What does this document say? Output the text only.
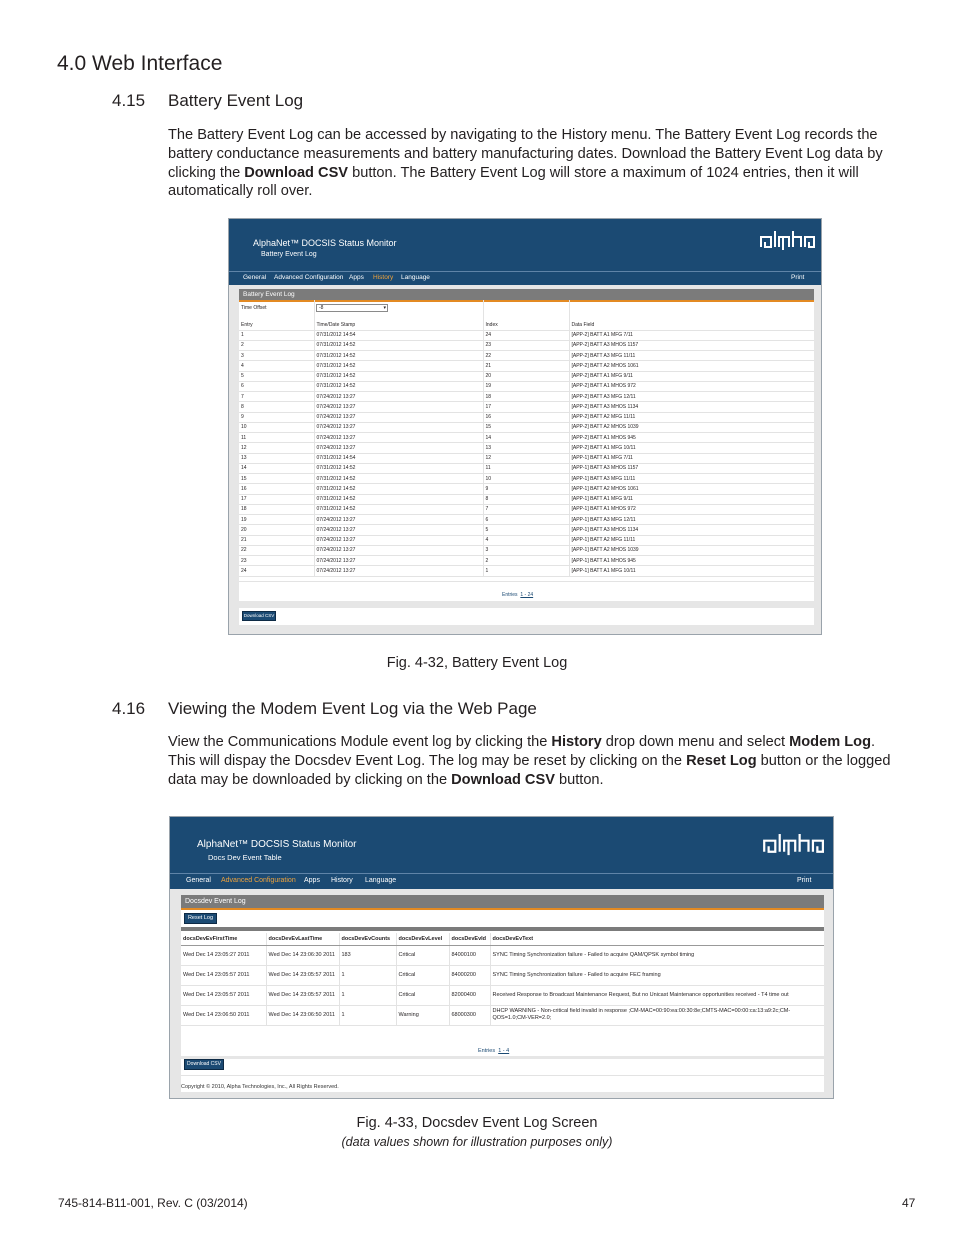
4.0 Web Interface
4.15 Battery Event Log
The Battery Event Log can be accessed by navigating to the History menu. The Battery Event Log records the battery conductance measurements and battery manufacturing dates. Download the Battery Event Log data by clicking the Download CSV button. The Battery Event Log will store a maximum of 1024 entries, then it will automatically roll over.
AlphaNet™ DOCSIS Status Monitor
Battery Event Log
General Advanced Configuration Apps History Language	Print
Battery Event Log
Time Offset	-8	▾
Entry	Time/Date Stamp	Index	Data Field
1	07/31/2012 14:54	24	[APP-2] BATT A1 MFG 7/11
2	07/31/2012 14:52	23	[APP-2] BATT A3 MHOS 1157
3	07/31/2012 14:52	22	[APP-2] BATT A3 MFG 11/11
4	07/31/2012 14:52	21	[APP-2] BATT A2 MHOS 1061
5	07/31/2012 14:52	20	[APP-2] BATT A1 MFG 9/11
6	07/31/2012 14:52	19	[APP-2] BATT A1 MHOS 972
7	07/24/2012 13:27	18	[APP-2] BATT A3 MFG 12/11
8	07/24/2012 13:27	17	[APP-2] BATT A3 MHOS 1134
9	07/24/2012 13:27	16	[APP-2] BATT A2 MFG 11/11
10	07/24/2012 13:27	15	[APP-2] BATT A2 MHOS 1039
11	07/24/2012 13:27	14	[APP-2] BATT A1 MHOS 945
12	07/24/2012 13:27	13	[APP-2] BATT A1 MFG 10/11
13	07/31/2012 14:54	12	[APP-1] BATT A1 MFG 7/11
14	07/31/2012 14:52	11	[APP-1] BATT A3 MHOS 1157
15	07/31/2012 14:52	10	[APP-1] BATT A3 MFG 11/11
16	07/31/2012 14:52	9	[APP-1] BATT A2 MHOS 1061
17	07/31/2012 14:52	8	[APP-1] BATT A1 MFG 9/11
18	07/31/2012 14:52	7	[APP-1] BATT A1 MHOS 972
19	07/24/2012 13:27	6	[APP-1] BATT A3 MFG 12/11
20	07/24/2012 13:27	5	[APP-1] BATT A3 MHOS 1134
21	07/24/2012 13:27	4	[APP-1] BATT A2 MFG 11/11
22	07/24/2012 13:27	3	[APP-1] BATT A2 MHOS 1039
23	07/24/2012 13:27	2	[APP-1] BATT A1 MHOS 945
24	07/24/2012 13:27	1	[APP-1] BATT A1 MFG 10/11
Entries 1 - 24
Download CSV
Fig. 4-32, Battery Event Log
4.16 Viewing the Modem Event Log via the Web Page
View the Communications Module event log by clicking the History drop down menu and select Modem Log. This will dispay the Docsdev Event Log. The log may be reset by clicking on the Reset Log button or the logged data may be downloaded by clicking on the Download CSV button.
AlphaNet™ DOCSIS Status Monitor
Docs Dev Event Table
General Advanced Configuration Apps History Language	Print
Docsdev Event Log
Reset Log
docsDevEvFirstTime	docsDevEvLastTime	docsDevEvCounts	docsDevEvLevel	docsDevEvId	docsDevEvText
Wed Dec 14 23:05:27 2011	Wed Dec 14 23:06:30 2011	183	Critical	84000100	SYNC Timing Synchronization failure - Failed to acquire QAM/QPSK symbol timing
Wed Dec 14 23:05:57 2011	Wed Dec 14 23:05:57 2011	1	Critical	84000200	SYNC Timing Synchronization failure - Failed to acquire FEC framing
Wed Dec 14 23:05:57 2011	Wed Dec 14 23:05:57 2011	1	Critical	82000400	Received Response to Broadcast Maintenance Request, But no Unicast Maintenance opportunities received - T4 time out
Wed Dec 14 23:06:50 2011	Wed Dec 14 23:06:50 2011	1	Warning	68000300	DHCP WARNING - Non-critical field invalid in response ;CM-MAC=00:90:ea:00:30:8e;CMTS-MAC=00:00:ca:13:a9:2c;CM-QOS=1.0;CM-VER=2.0;
Entries 1 - 4
Download CSV
Copyright © 2010, Alpha Technologies, Inc., All Rights Reserved.
Fig. 4-33, Docsdev Event Log Screen
(data values shown for illustration purposes only)
745-814-B11-001, Rev. C (03/2014)	47
